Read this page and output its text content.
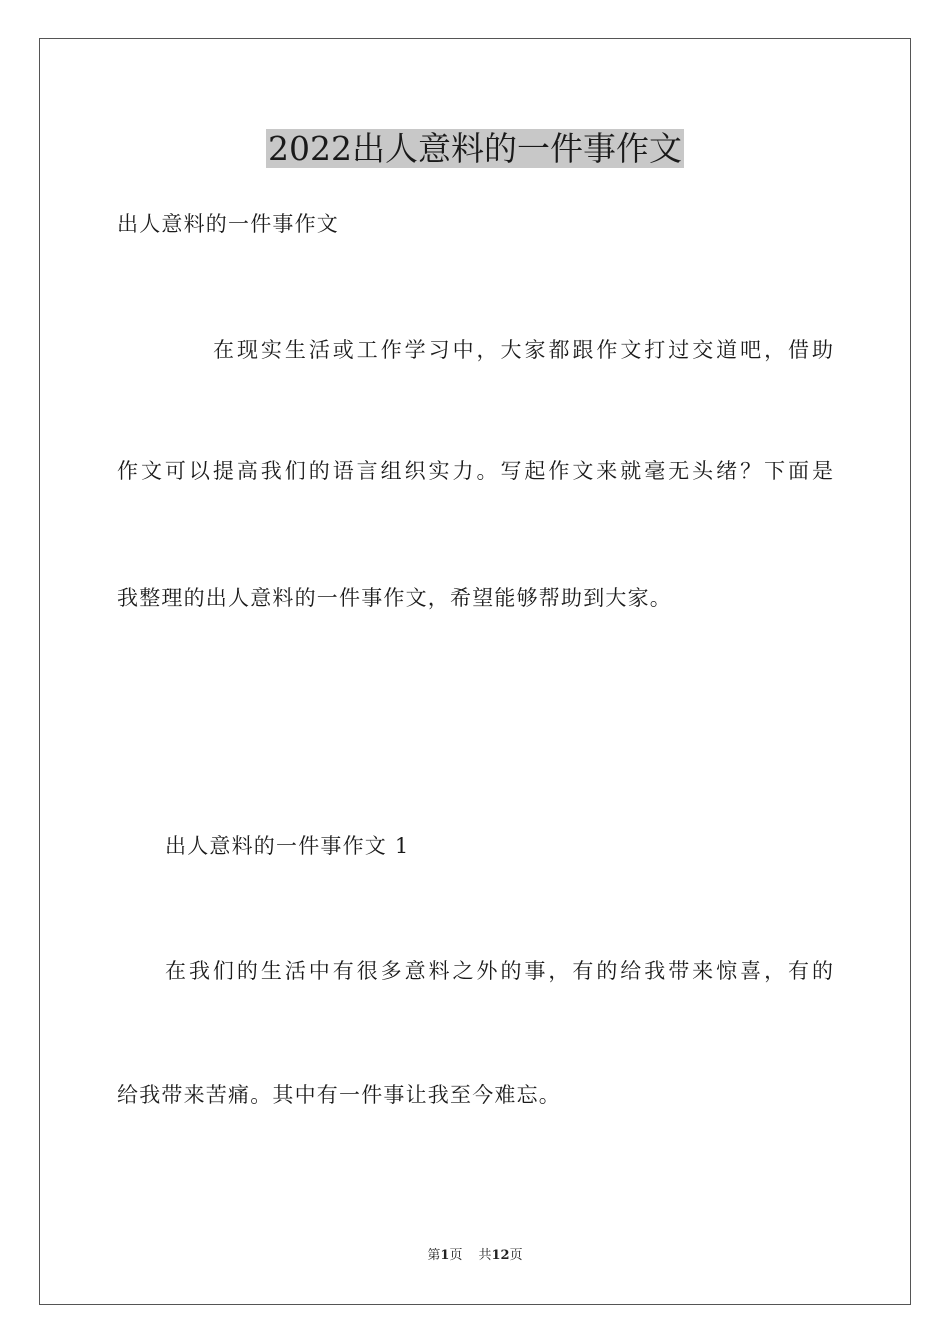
2022出人意料的一件事作文
出人意料的一件事作文
在现实生活或工作学习中，大家都跟作文打过交道吧，借助
作文可以提高我们的语言组织实力。写起作文来就毫无头绪？下面是
我整理的出人意料的一件事作文，希望能够帮助到大家。
出人意料的一件事作文 1
在我们的生活中有很多意料之外的事，有的给我带来惊喜，有的
给我带来苦痛。其中有一件事让我至今难忘。
第1页 共12页
